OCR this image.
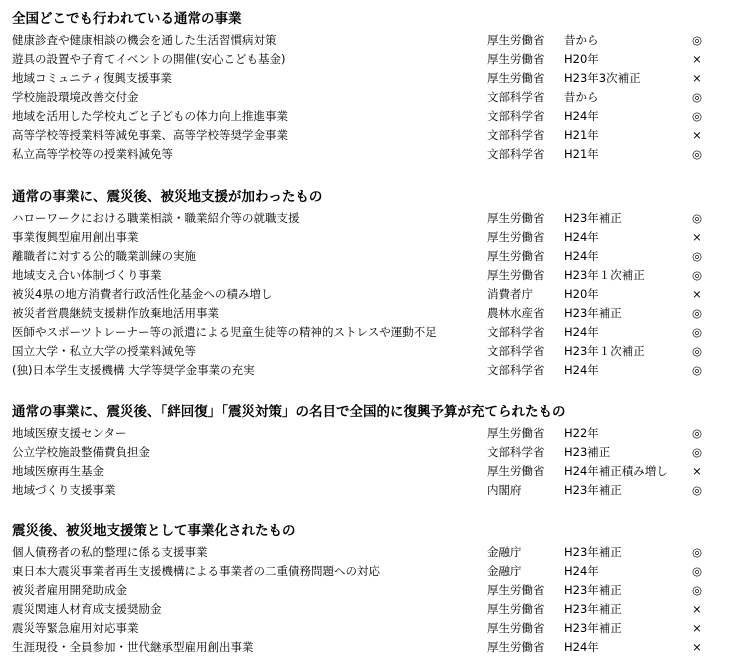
全国どこでも行われている通常の事業
健康診査や健康相談の機会を通した生活習慣病対策	厚生労働省 昔から	◎
遊具の設置や子育てイベントの開催(安心こども基金)	厚生労働省 H20年	×
地域コミュニティ復興支援事業	厚生労働省 H23年3次補正	×
学校施設環境改善交付金	文部科学省 昔から	◎
地域を活用した学校丸ごと子どもの体力向上推進事業	文部科学省 H24年	◎
高等学校等授業料等減免事業、高等学校等奨学金事業	文部科学省 H21年	×
私立高等学校等の授業料減免等	文部科学省 H21年	◎
通常の事業に、震災後、被災地支援が加わったもの
ハローワークにおける職業相談・職業紹介等の就職支援	厚生労働省 H23年補正	◎
事業復興型雇用創出事業	厚生労働省 H24年	×
離職者に対する公的職業訓練の実施	厚生労働省 H24年	◎
地域支え合い体制づくり事業	厚生労働省 H23年１次補正	◎
被災4県の地方消費者行政活性化基金への積み増し	消費者庁	H20年	×
被災者営農継続支援耕作放棄地活用事業	農林水産省 H23年補正	◎
医師やスポーツトレーナー等の派遣による児童生徒等の精神的ストレスや運動不足	文部科学省 H24年	◎
国立大学・私立大学の授業料減免等	文部科学省 H23年１次補正	◎
(独)日本学生支援機構 大学等奨学金事業の充実	文部科学省 H24年	◎
通常の事業に、震災後、「絆回復」「震災対策」の名目で全国的に復興予算が充てられたもの
地域医療支援センター	厚生労働省 H22年	◎
公立学校施設整備費負担金	文部科学省 H23補正	◎
地域医療再生基金	厚生労働省 H24年補正積み増し	×
地域づくり支援事業	内閣府	H23年補正	◎
震災後、被災地支援策として事業化されたもの
個人債務者の私的整理に係る支援事業	金融庁	H23年補正	◎
東日本大震災事業者再生支援機構による事業者の二重債務問題への対応	金融庁	H24年	◎
被災者雇用開発助成金	厚生労働省 H23年補正	◎
震災関連人材育成支援奨励金	厚生労働省 H23年補正	×
震災等緊急雇用対応事業	厚生労働省 H23年補正	×
生涯現役・全員参加・世代継承型雇用創出事業	厚生労働省 H24年	×
